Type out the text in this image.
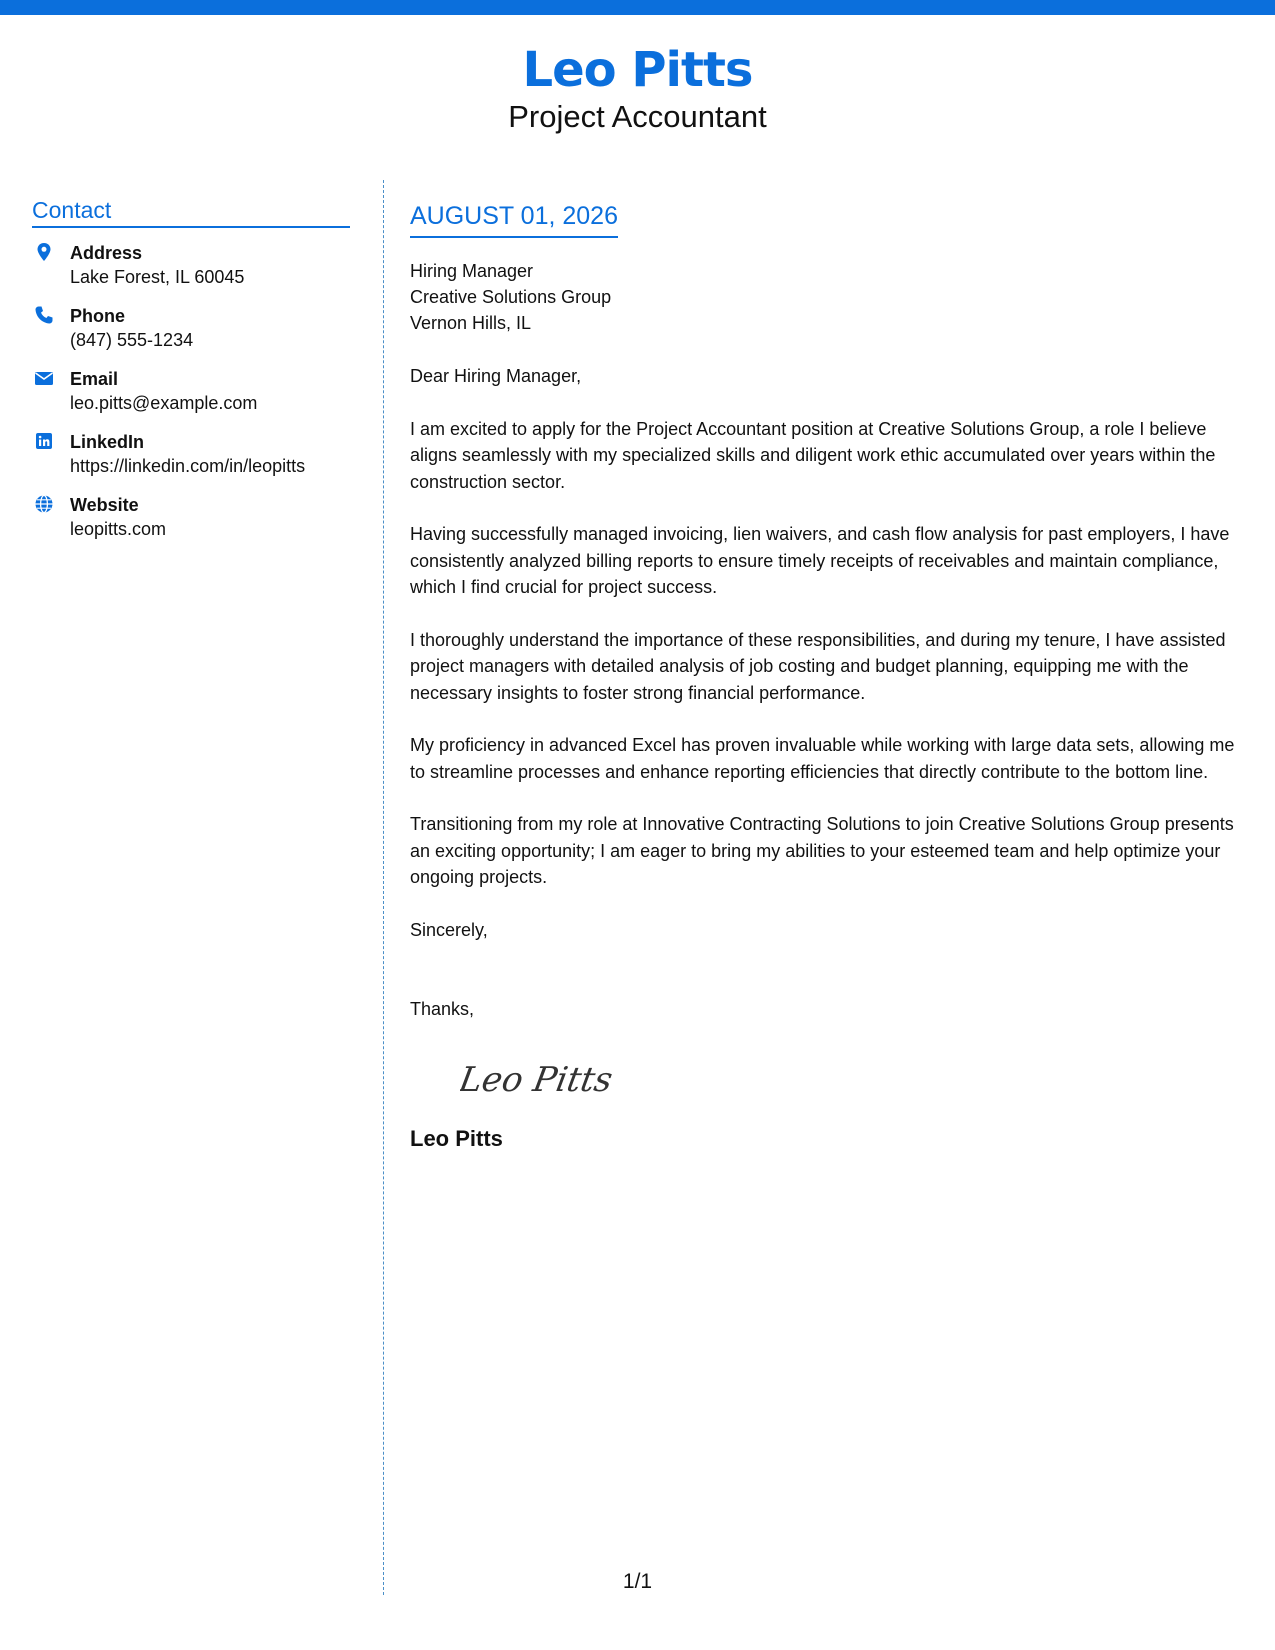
Leo Pitts
Project Accountant
Contact
Address
Lake Forest, IL 60045
Phone
(847) 555-1234
Email
leo.pitts@example.com
LinkedIn
https://linkedin.com/in/leopitts
Website
leopitts.com
AUGUST 01, 2026
Hiring Manager
Creative Solutions Group
Vernon Hills, IL
Dear Hiring Manager,
I am excited to apply for the Project Accountant position at Creative Solutions Group, a role I believe aligns seamlessly with my specialized skills and diligent work ethic accumulated over years within the construction sector.
Having successfully managed invoicing, lien waivers, and cash flow analysis for past employers, I have consistently analyzed billing reports to ensure timely receipts of receivables and maintain compliance, which I find crucial for project success.
I thoroughly understand the importance of these responsibilities, and during my tenure, I have assisted project managers with detailed analysis of job costing and budget planning, equipping me with the necessary insights to foster strong financial performance.
My proficiency in advanced Excel has proven invaluable while working with large data sets, allowing me to streamline processes and enhance reporting efficiencies that directly contribute to the bottom line.
Transitioning from my role at Innovative Contracting Solutions to join Creative Solutions Group presents an exciting opportunity; I am eager to bring my abilities to your esteemed team and help optimize your ongoing projects.
Sincerely,
Thanks,
Leo Pitts
Leo Pitts
1/1
